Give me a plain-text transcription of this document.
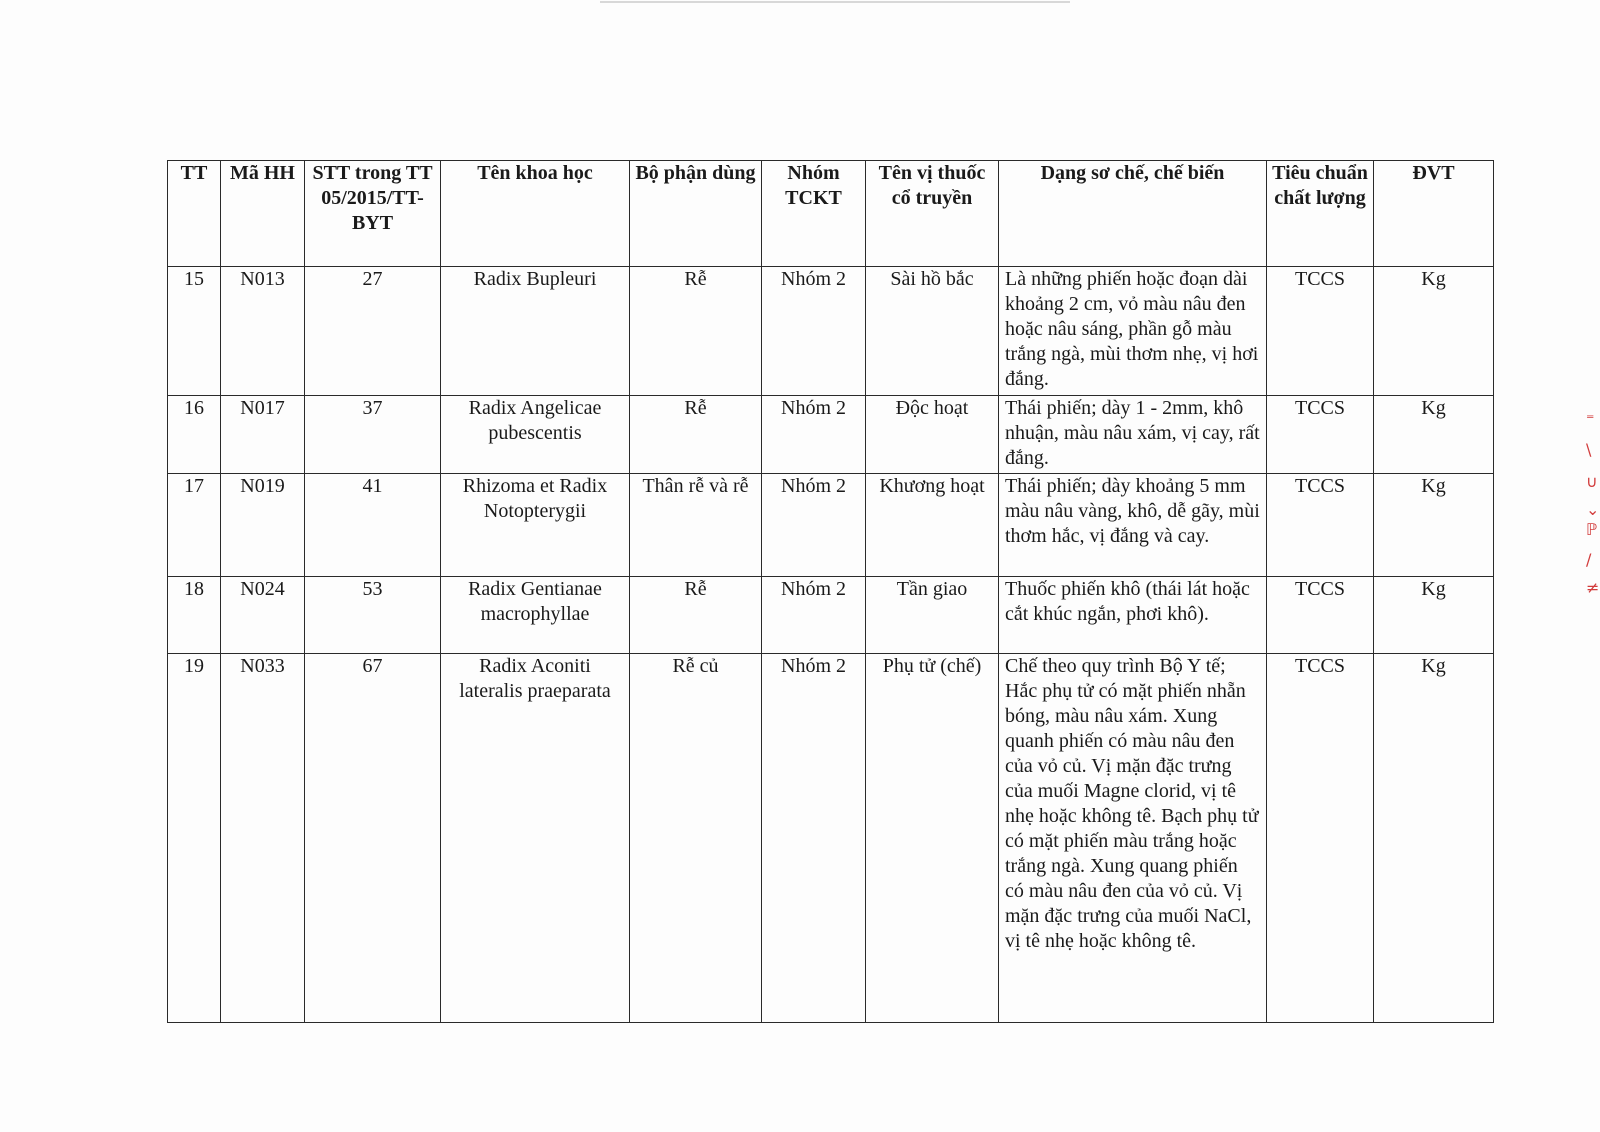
TT	Mã HH	STT trong TT 05/2015/TT-BYT	Tên khoa học	Bộ phận dùng	Nhóm TCKT	Tên vị thuốc cổ truyền	Dạng sơ chế, chế biến	Tiêu chuẩn chất lượng	ĐVT
15	N013	27	Radix Bupleuri	Rễ	Nhóm 2	Sài hồ bắc	Là những phiến hoặc đoạn dài khoảng 2 cm, vỏ màu nâu đen hoặc nâu sáng, phần gỗ màu trắng ngà, mùi thơm nhẹ, vị hơi đắng.	TCCS	Kg
16	N017	37	Radix Angelicae pubescentis	Rễ	Nhóm 2	Độc hoạt	Thái phiến; dày 1 - 2mm, khô nhuận, màu nâu xám, vị cay, rất đắng.	TCCS	Kg
17	N019	41	Rhizoma et Radix Notopterygii	Thân rễ và rễ	Nhóm 2	Khương hoạt	Thái phiến; dày khoảng 5 mm màu nâu vàng, khô, dễ gãy, mùi thơm hắc, vị đắng và cay.	TCCS	Kg
18	N024	53	Radix Gentianae macrophyllae	Rễ	Nhóm 2	Tần giao	Thuốc phiến khô (thái lát hoặc cắt khúc ngắn, phơi khô).	TCCS	Kg
19	N033	67	Radix Aconiti lateralis praeparata	Rễ củ	Nhóm 2	Phụ tử (chế)	Chế theo quy trình Bộ Y tế; Hắc phụ tử có mặt phiến nhẵn bóng, màu nâu xám. Xung quanh phiến có màu nâu đen của vỏ củ. Vị mặn đặc trưng của muối Magne clorid, vị tê nhẹ hoặc không tê. Bạch phụ tử có mặt phiến màu trắng hoặc trắng ngà. Xung quang phiến có màu nâu đen của vỏ củ. Vị mặn đặc trưng của muối NaCl, vị tê nhẹ hoặc không tê.	TCCS	Kg
⁼
\
∪
⌄
ℙ
/
≠
